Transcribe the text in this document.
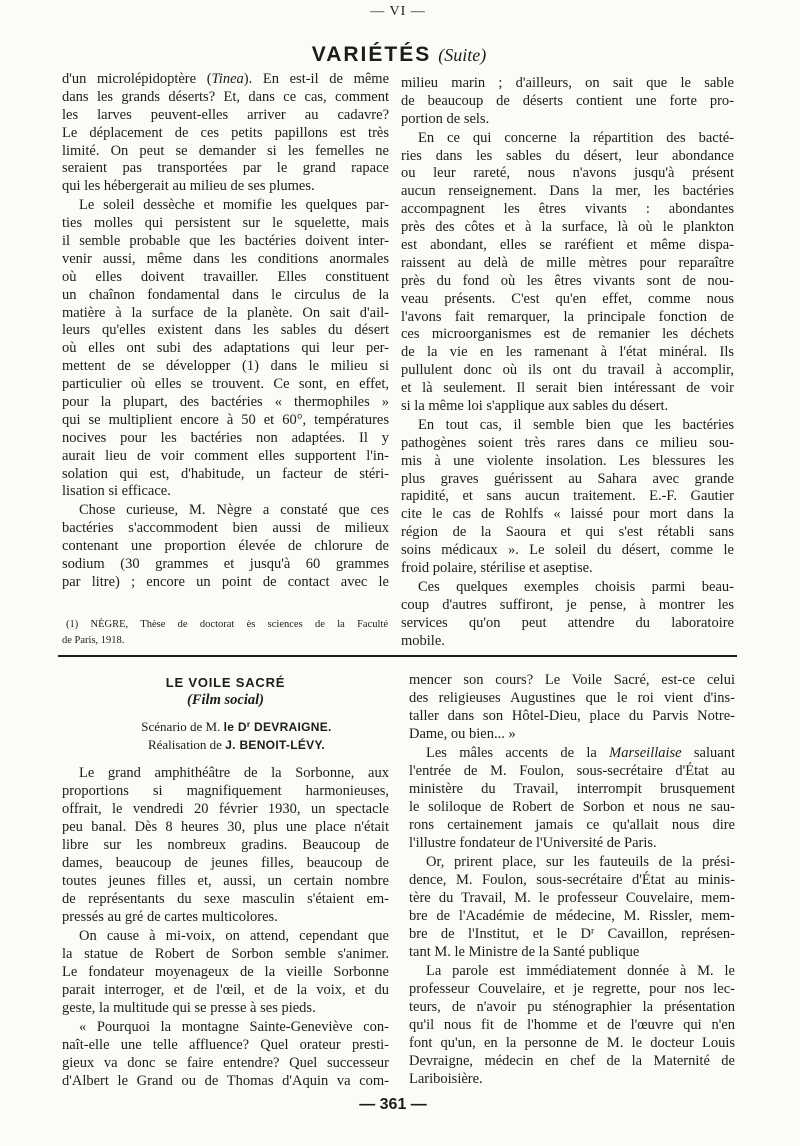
— VI —
VARIÉTÉS (Suite)
d'un microlépidoptère (Tinea). En est-il de même
dans les grands déserts? Et, dans ce cas, comment
les larves peuvent-elles arriver au cadavre?
Le déplacement de ces petits papillons est très
limité. On peut se demander si les femelles ne
seraient pas transportées par le grand rapace
qui les hébergerait au milieu de ses plumes.
Le soleil dessèche et momifie les quelques par-
ties molles qui persistent sur le squelette, mais
il semble probable que les bactéries doivent inter-
venir aussi, même dans les conditions anormales
où elles doivent travailler. Elles constituent
un chaînon fondamental dans le circulus de la
matière à la surface de la planète. On sait d'ail-
leurs qu'elles existent dans les sables du désert
où elles ont subi des adaptations qui leur per-
mettent de se développer (1) dans le milieu si
particulier où elles se trouvent. Ce sont, en effet,
pour la plupart, des bactéries « thermophiles »
qui se multiplient encore à 50 et 60°, températures
nocives pour les bactéries non adaptées. Il y
aurait lieu de voir comment elles supportent l'in-
solation qui est, d'habitude, un facteur de stéri-
lisation si efficace.
Chose curieuse, M. Nègre a constaté que ces
bactéries s'accommodent bien aussi de milieux
contenant une proportion élevée de chlorure de
sodium (30 grammes et jusqu'à 60 grammes
par litre) ; encore un point de contact avec le
milieu marin ; d'ailleurs, on sait que le sable
de beaucoup de déserts contient une forte pro-
portion de sels.
En ce qui concerne la répartition des bacté-
ries dans les sables du désert, leur abondance
ou leur rareté, nous n'avons jusqu'à présent
aucun renseignement. Dans la mer, les bactéries
accompagnent les êtres vivants : abondantes
près des côtes et à la surface, là où le plankton
est abondant, elles se raréfient et même dispa-
raissent au delà de mille mètres pour reparaître
près du fond où les êtres vivants sont de nou-
veau présents. C'est qu'en effet, comme nous
l'avons fait remarquer, la principale fonction de
ces microorganismes est de remanier les déchets
de la vie en les ramenant à l'état minéral. Ils
pullulent donc où ils ont du travail à accomplir,
et là seulement. Il serait bien intéressant de voir
si la même loi s'applique aux sables du désert.
En tout cas, il semble bien que les bactéries
pathogènes soient très rares dans ce milieu sou-
mis à une violente insolation. Les blessures les
plus graves guérissent au Sahara avec grande
rapidité, et sans aucun traitement. E.-F. Gautier
cite le cas de Rohlfs « laissé pour mort dans la
région de la Saoura et qui s'est rétabli sans
soins médicaux ». Le soleil du désert, comme le
froid polaire, stérilise et aseptise.
Ces quelques exemples choisis parmi beau-
coup d'autres suffiront, je pense, à montrer les
services qu'on peut attendre du laboratoire
mobile.
(1) NÈGRE, Thèse de doctorat ès sciences de la Faculté
de Paris, 1918.
LE VOILE SACRÉ
(Film social)
Scénario de M. le $D^r$ DEVRAIGNE.
Réalisation de J. BENOIT-LÉVY.
Le grand amphithéâtre de la Sorbonne, aux
proportions si magnifiquement harmonieuses,
offrait, le vendredi 20 février 1930, un spectacle
peu banal. Dès 8 heures 30, plus une place n'était
libre sur les nombreux gradins. Beaucoup de
dames, beaucoup de jeunes filles, beaucoup de
toutes jeunes filles et, aussi, un certain nombre
de représentants du sexe masculin s'étaient em-
pressés au gré de cartes multicolores.
On cause à mi-voix, on attend, cependant que
la statue de Robert de Sorbon semble s'animer.
Le fondateur moyenageux de la vieille Sorbonne
parait interroger, et de l'œil, et de la voix, et du
geste, la multitude qui se presse à ses pieds.
« Pourquoi la montagne Sainte-Geneviève con-
naît-elle une telle affluence? Quel orateur presti-
gieux va donc se faire entendre? Quel successeur
d'Albert le Grand ou de Thomas d'Aquin va com-
mencer son cours? Le Voile Sacré, est-ce celui
des religieuses Augustines que le roi vient d'ins-
taller dans son Hôtel-Dieu, place du Parvis Notre-
Dame, ou bien... »
Les mâles accents de la Marseillaise saluant
l'entrée de M. Foulon, sous-secrétaire d'État au
ministère du Travail, interrompit brusquement
le soliloque de Robert de Sorbon et nous ne sau-
rons certainement jamais ce qu'allait nous dire
l'illustre fondateur de l'Université de Paris.
Or, prirent place, sur les fauteuils de la prési-
dence, M. Foulon, sous-secrétaire d'État au minis-
tère du Travail, M. le professeur Couvelaire, mem-
bre de l'Académie de médecine, M. Rissler, mem-
bre de l'Institut, et le $D^r$ Cavaillon, représen-
tant M. le Ministre de la Santé publique
La parole est immédiatement donnée à M. le
professeur Couvelaire, et je regrette, pour nos lec-
teurs, de n'avoir pu sténographier la présentation
qu'il nous fit de l'homme et de l'œuvre qui n'en
font qu'un, en la personne de M. le docteur Louis
Devraigne, médecin en chef de la Maternité de
Lariboisière.
— 361 —
